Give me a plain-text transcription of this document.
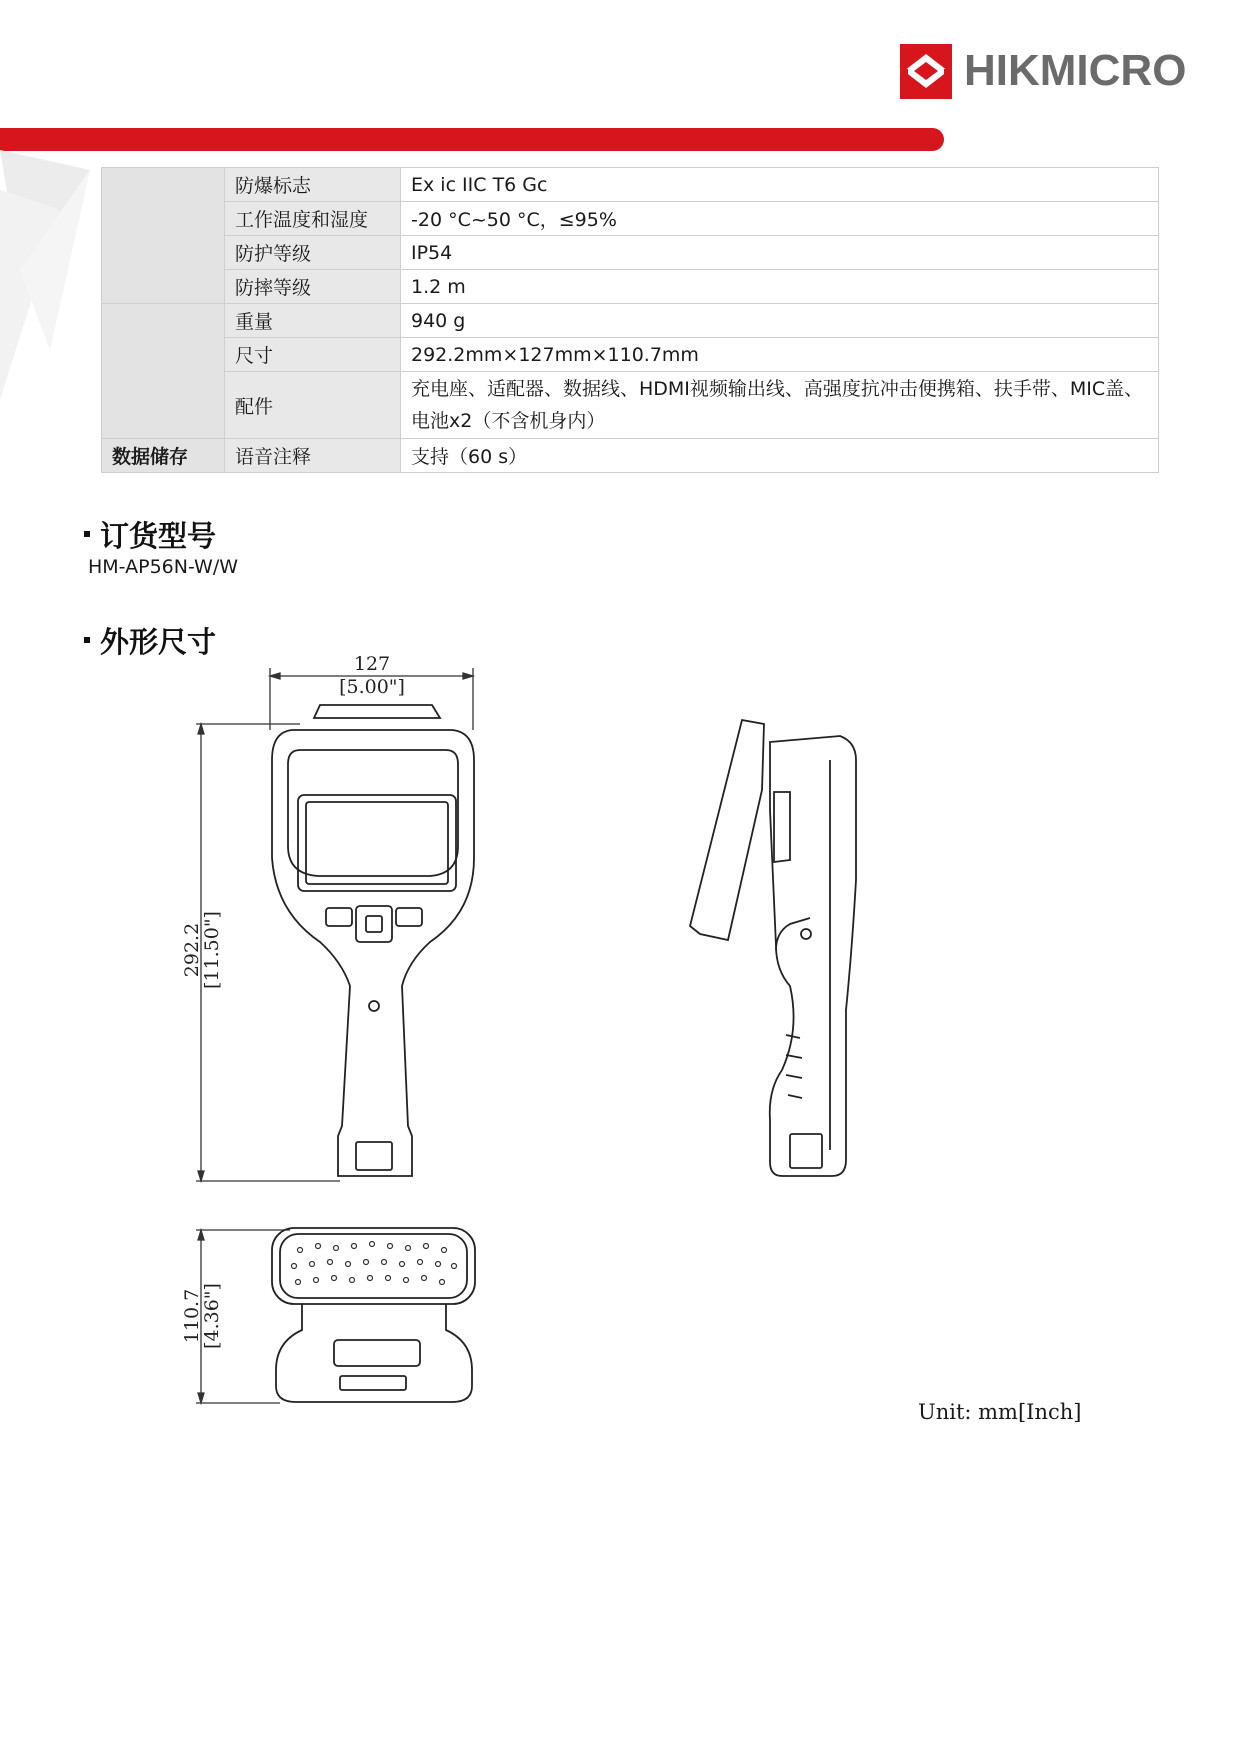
HIKMICRO
	防爆标志	Ex ic IIC T6 Gc
	工作温度和湿度	-20 °C~50 °C，≤95%
	防护等级	IP54
	防摔等级	1.2 m
	重量	940 g
	尺寸	292.2mm×127mm×110.7mm
	配件	充电座、适配器、数据线、HDMI视频输出线、高强度抗冲击便携箱、扶手带、MIC盖、
电池x2（不含机身内）

数据储存	语音注释	支持（60 s）
订货型号
HM-AP56N-W/W
外形尺寸
127
[5.00"]
292.2
[11.50"]
110.7
[4.36"]
Unit: mm[Inch]
